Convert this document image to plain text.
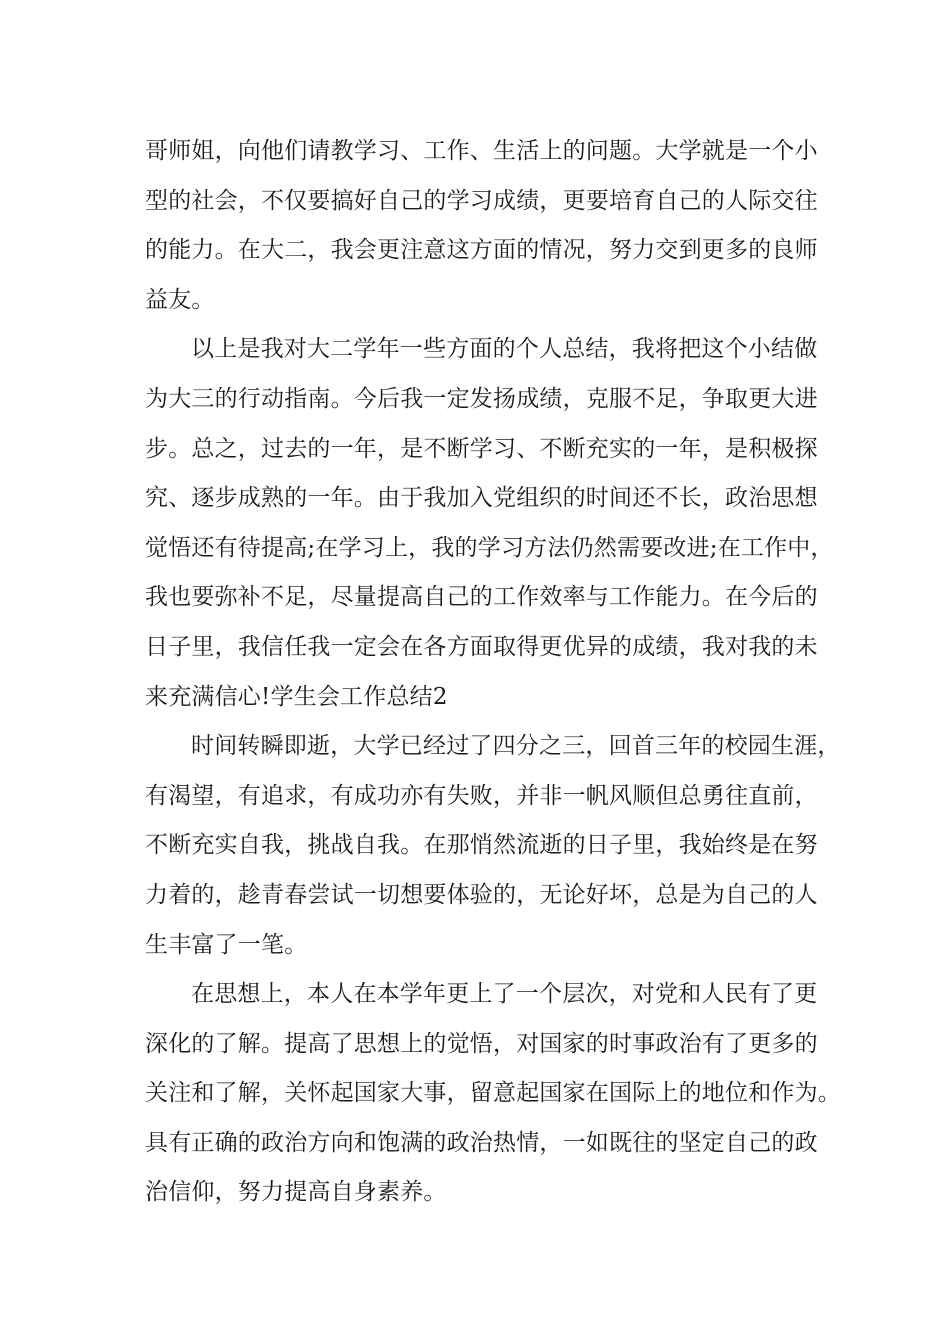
哥师姐，向他们请教学习、工作、生活上的问题。大学就是一个小
型的社会，不仅要搞好自己的学习成绩，更要培育自己的人际交往
的能力。在大二，我会更注意这方面的情况，努力交到更多的良师
益友。
以上是我对大二学年一些方面的个人总结，我将把这个小结做
为大三的行动指南。今后我一定发扬成绩，克服不足，争取更大进
步。总之，过去的一年，是不断学习、不断充实的一年，是积极探
究、逐步成熟的一年。由于我加入党组织的时间还不长，政治思想
觉悟还有待提高;在学习上，我的学习方法仍然需要改进;在工作中，
我也要弥补不足，尽量提高自己的工作效率与工作能力。在今后的
日子里，我信任我一定会在各方面取得更优异的成绩，我对我的未
来充满信心!学生会工作总结2
时间转瞬即逝，大学已经过了四分之三，回首三年的校园生涯，
有渴望，有追求，有成功亦有失败，并非一帆风顺但总勇往直前，
不断充实自我，挑战自我。在那悄然流逝的日子里，我始终是在努
力着的，趁青春尝试一切想要体验的，无论好坏，总是为自己的人
生丰富了一笔。
在思想上，本人在本学年更上了一个层次，对党和人民有了更
深化的了解。提高了思想上的觉悟，对国家的时事政治有了更多的
关注和了解，关怀起国家大事，留意起国家在国际上的地位和作为。
具有正确的政治方向和饱满的政治热情，一如既往的坚定自己的政
治信仰，努力提高自身素养。
